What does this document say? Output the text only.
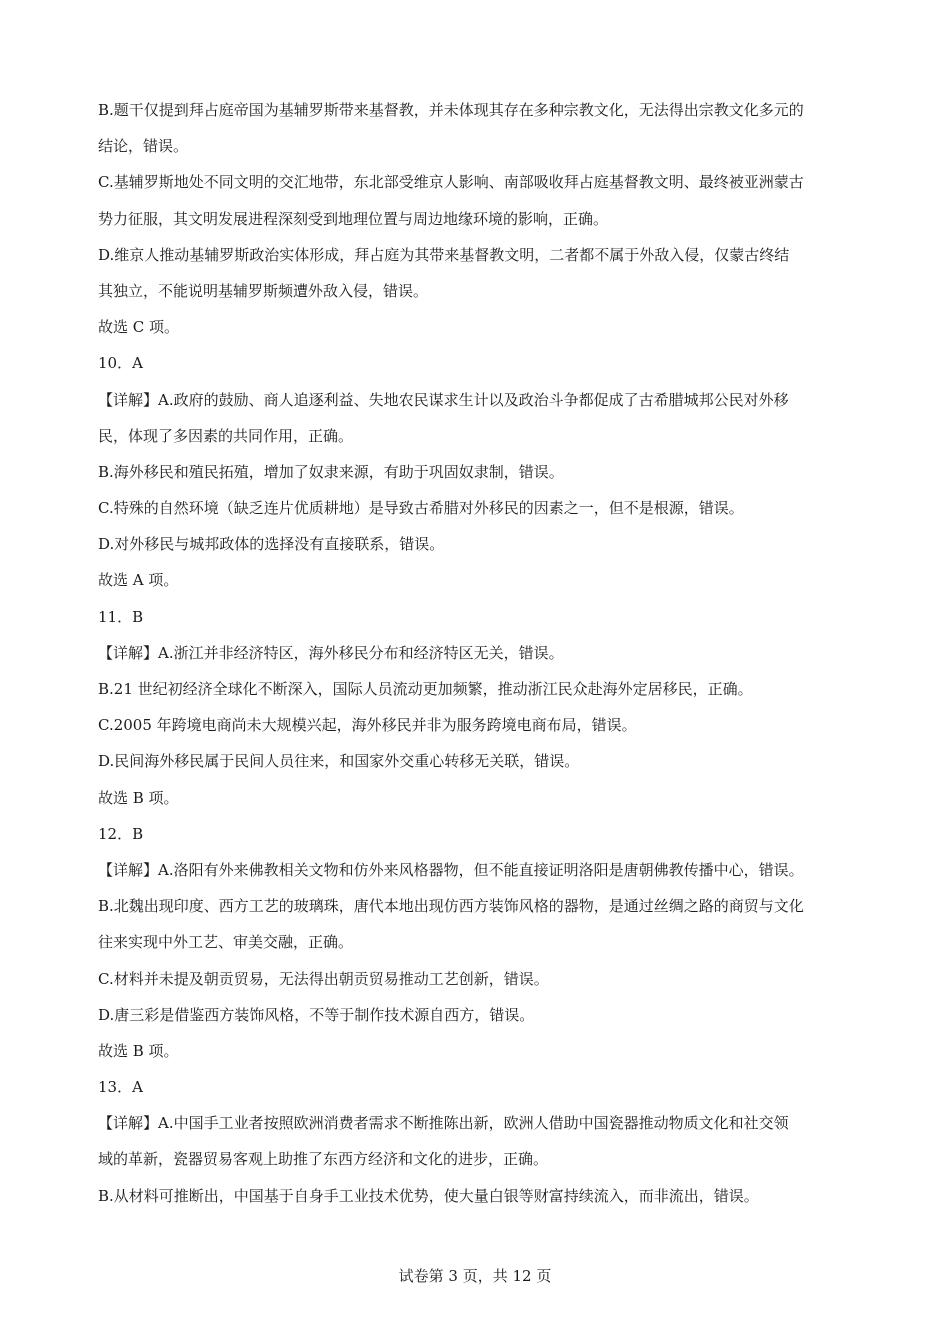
B.题干仅提到拜占庭帝国为基辅罗斯带来基督教，并未体现其存在多种宗教文化，无法得出宗教文化多元的
结论，错误。
C.基辅罗斯地处不同文明的交汇地带，东北部受维京人影响、南部吸收拜占庭基督教文明、最终被亚洲蒙古
势力征服，其文明发展进程深刻受到地理位置与周边地缘环境的影响，正确。
D.维京人推动基辅罗斯政治实体形成，拜占庭为其带来基督教文明，二者都不属于外敌入侵，仅蒙古终结
其独立，不能说明基辅罗斯频遭外敌入侵，错误。
故选 C 项。
10．A
【详解】A.政府的鼓励、商人追逐利益、失地农民谋求生计以及政治斗争都促成了古希腊城邦公民对外移
民，体现了多因素的共同作用，正确。
B.海外移民和殖民拓殖，增加了奴隶来源，有助于巩固奴隶制，错误。
C.特殊的自然环境（缺乏连片优质耕地）是导致古希腊对外移民的因素之一，但不是根源，错误。
D.对外移民与城邦政体的选择没有直接联系，错误。
故选 A 项。
11．B
【详解】A.浙江并非经济特区，海外移民分布和经济特区无关，错误。
B.21 世纪初经济全球化不断深入，国际人员流动更加频繁，推动浙江民众赴海外定居移民，正确。
C.2005 年跨境电商尚未大规模兴起，海外移民并非为服务跨境电商布局，错误。
D.民间海外移民属于民间人员往来，和国家外交重心转移无关联，错误。
故选 B 项。
12．B
【详解】A.洛阳有外来佛教相关文物和仿外来风格器物，但不能直接证明洛阳是唐朝佛教传播中心，错误。
B.北魏出现印度、西方工艺的玻璃珠，唐代本地出现仿西方装饰风格的器物，是通过丝绸之路的商贸与文化
往来实现中外工艺、审美交融，正确。
C.材料并未提及朝贡贸易，无法得出朝贡贸易推动工艺创新，错误。
D.唐三彩是借鉴西方装饰风格，不等于制作技术源自西方，错误。
故选 B 项。
13．A
【详解】A.中国手工业者按照欧洲消费者需求不断推陈出新，欧洲人借助中国瓷器推动物质文化和社交领
域的革新，瓷器贸易客观上助推了东西方经济和文化的进步，正确。
B.从材料可推断出，中国基于自身手工业技术优势，使大量白银等财富持续流入，而非流出，错误。
试卷第 3 页，共 12 页
